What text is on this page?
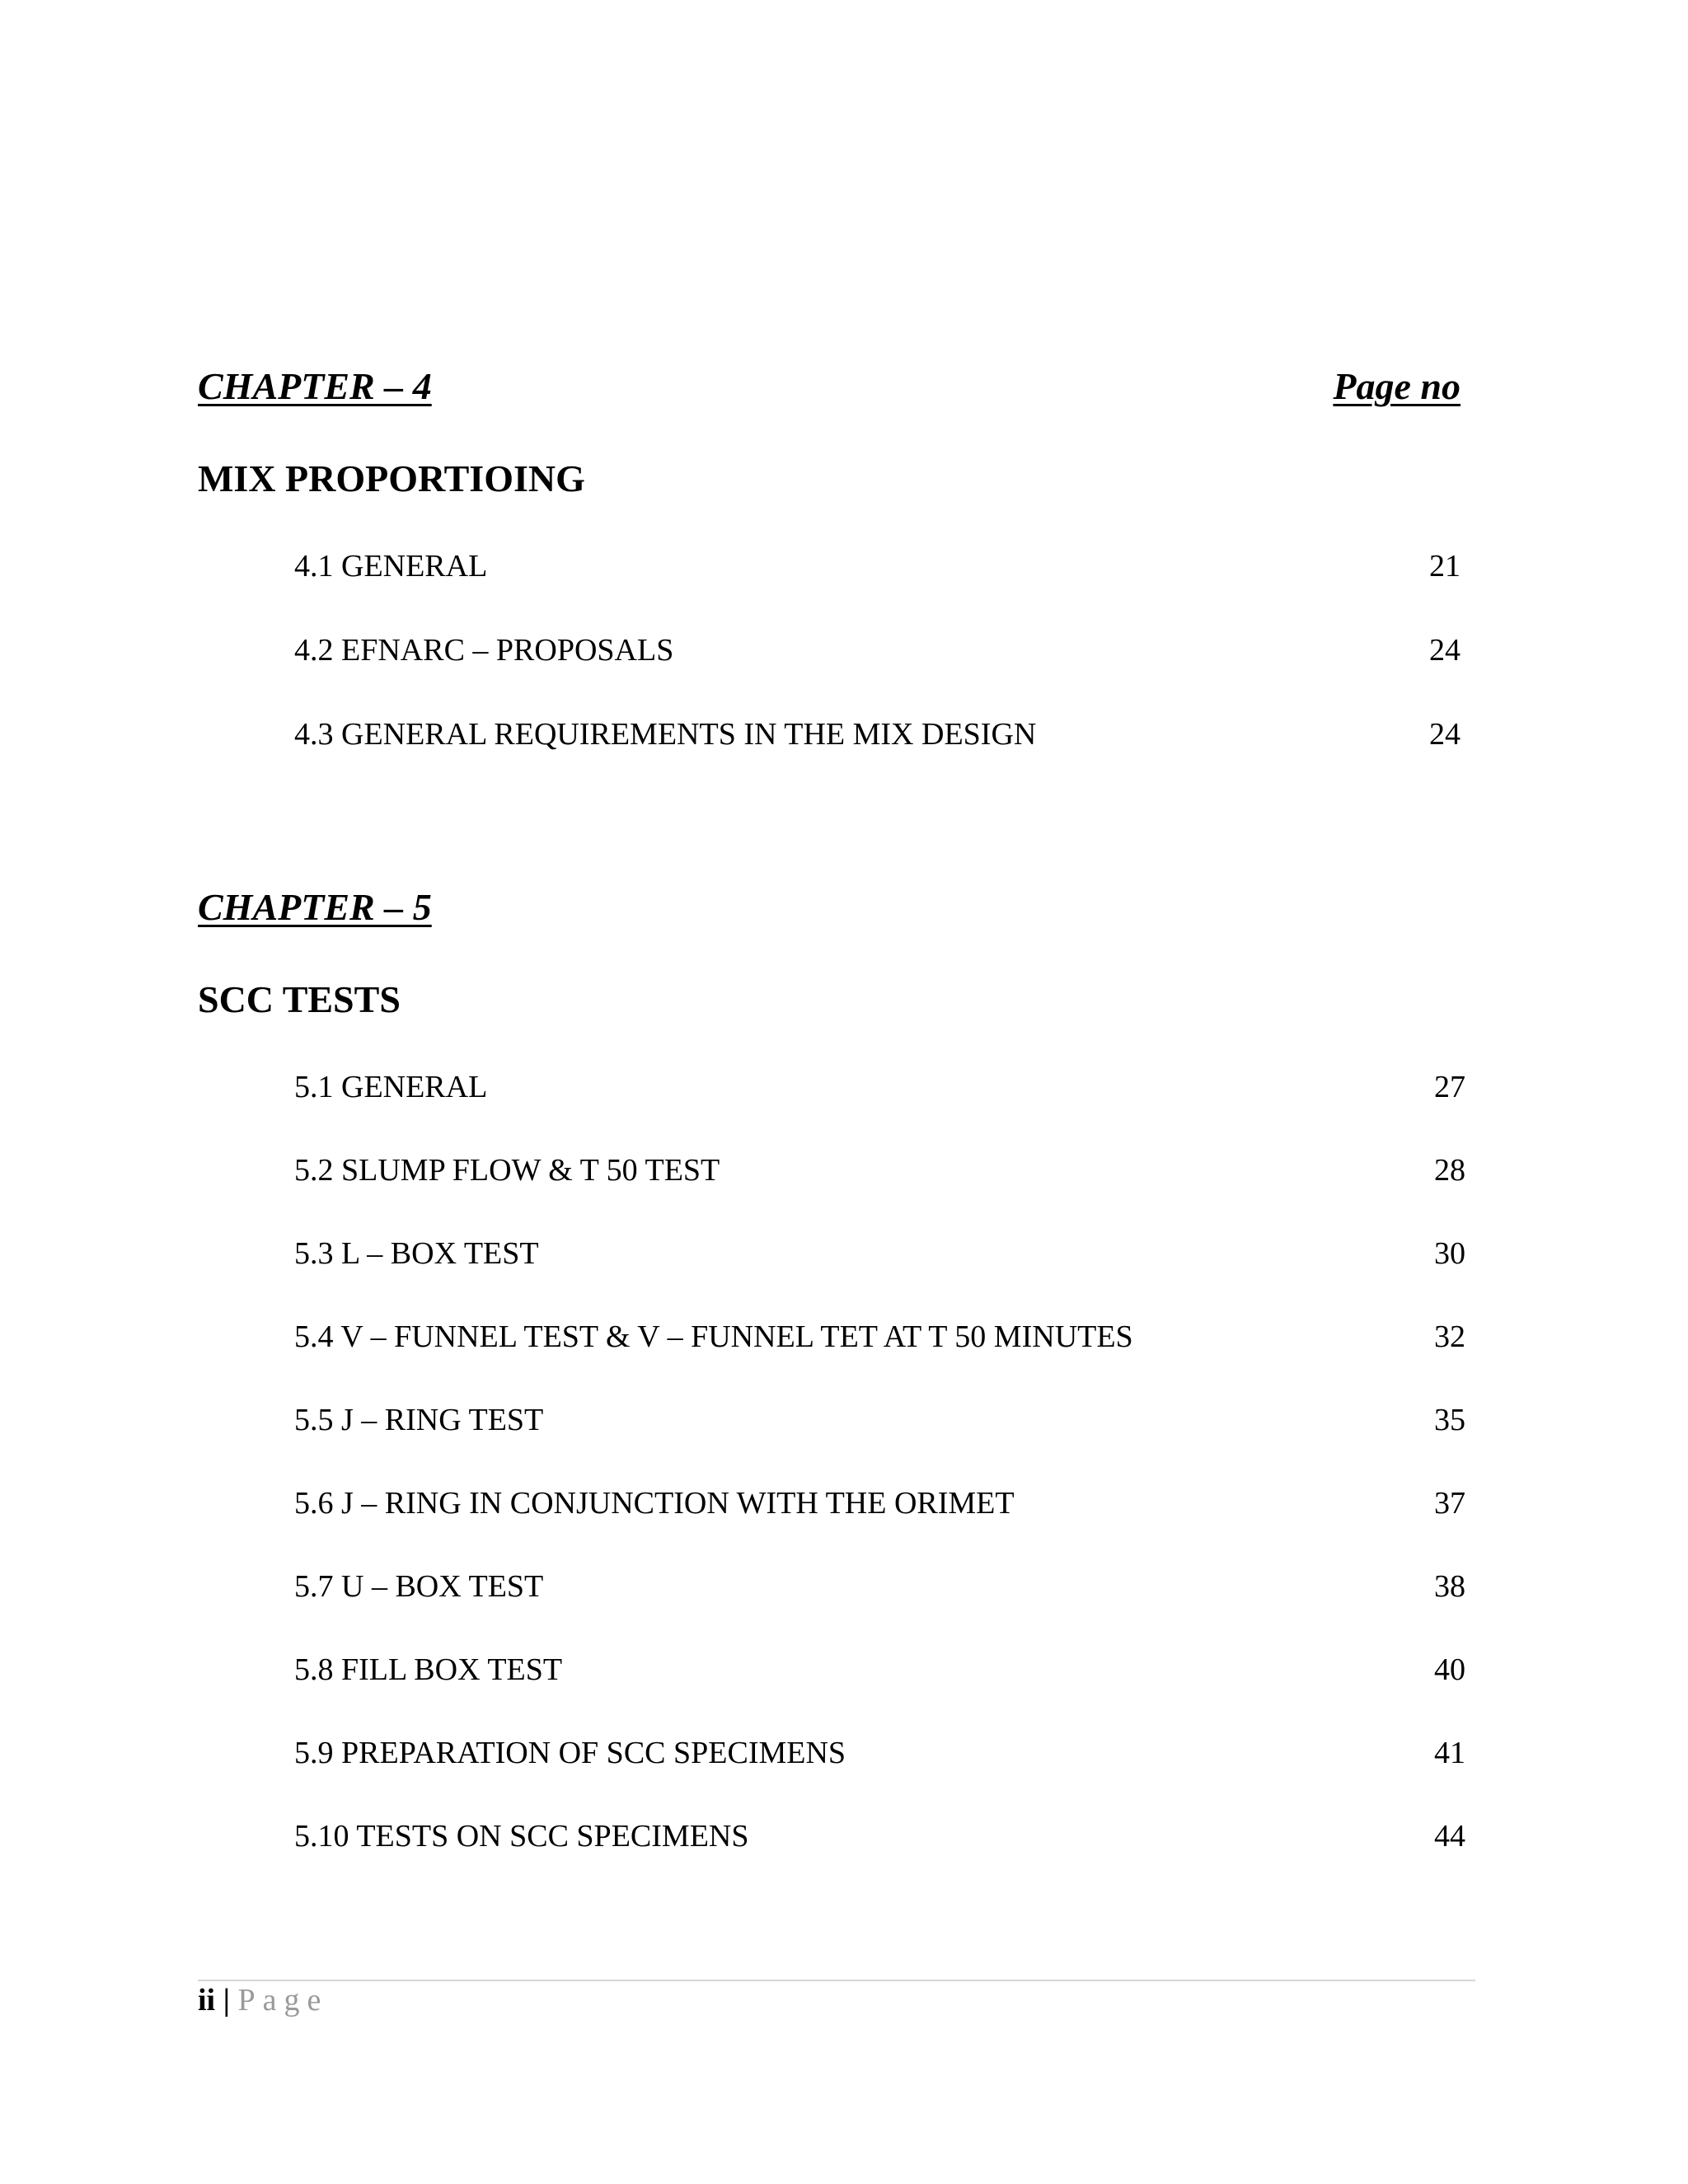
CHAPTER – 4	Page no
MIX PROPORTIOING
4.1 GENERAL	21
4.2 EFNARC – PROPOSALS	24
4.3 GENERAL REQUIREMENTS IN THE MIX DESIGN	24
CHAPTER – 5
SCC TESTS
5.1 GENERAL	27
5.2 SLUMP FLOW & T 50 TEST	28
5.3 L – BOX TEST	30
5.4 V – FUNNEL TEST & V – FUNNEL TET AT T 50 MINUTES	32
5.5 J – RING TEST	35
5.6 J – RING IN CONJUNCTION WITH THE ORIMET	37
5.7 U – BOX TEST	38
5.8 FILL BOX TEST	40
5.9 PREPARATION OF SCC SPECIMENS	41
5.10 TESTS ON SCC SPECIMENS	44
ii | Page
